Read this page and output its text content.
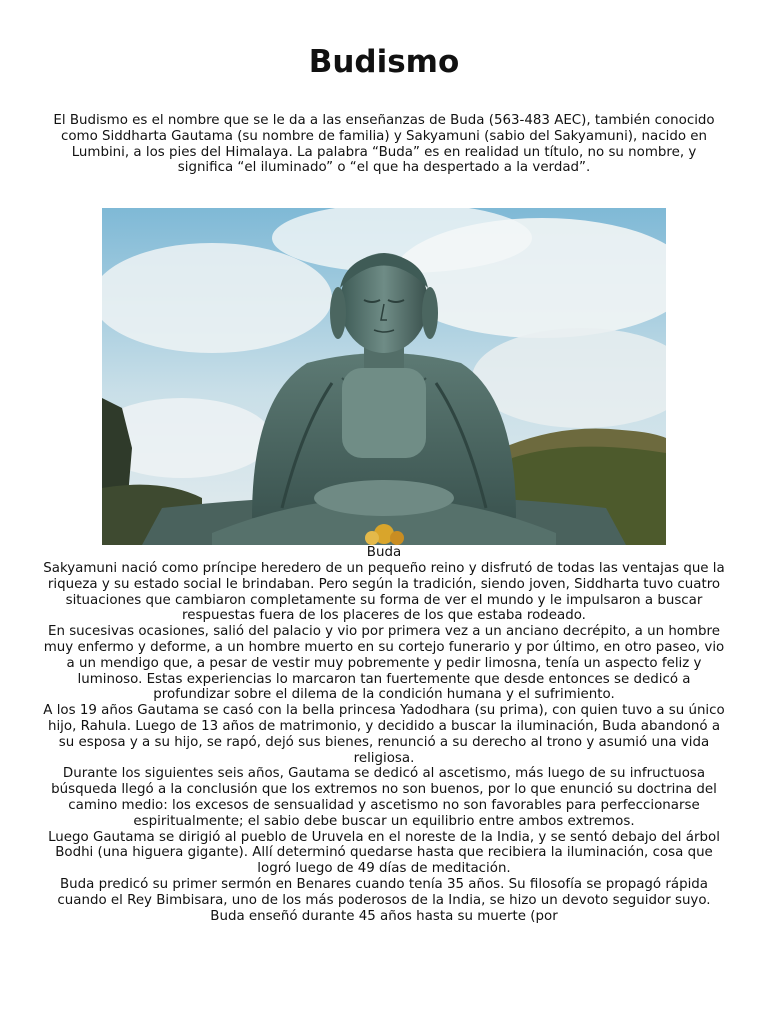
Budismo

El Budismo es el nombre que se le da a las enseñanzas de Buda (563-483 AEC), también conocido como Siddharta Gautama (su nombre de familia) y Sakyamuni (sabio del Sakyamuni), nacido en Lumbini, a los pies del Himalaya. La palabra “Buda” es en realidad un título, no su nombre, y significa “el iluminado” o “el que ha despertado a la verdad”.

Buda

Sakyamuni nació como príncipe heredero de un pequeño reino y disfrutó de todas las ventajas que la riqueza y su estado social le brindaban. Pero según la tradición, siendo joven, Siddharta tuvo cuatro situaciones que cambiaron completamente su forma de ver el mundo y le impulsaron a buscar respuestas fuera de los placeres de los que estaba rodeado.

En sucesivas ocasiones, salió del palacio y vio por primera vez a un anciano decrépito, a un hombre muy enfermo y deforme, a un hombre muerto en su cortejo funerario y por último, en otro paseo, vio a un mendigo que, a pesar de vestir muy pobremente y pedir limosna, tenía un aspecto feliz y luminoso. Estas experiencias lo marcaron tan fuertemente que desde entonces se dedicó a profundizar sobre el dilema de la condición humana y el sufrimiento.

A los 19 años Gautama se casó con la bella princesa Yadodhara (su prima), con quien tuvo a su único hijo, Rahula. Luego de 13 años de matrimonio, y decidido a buscar la iluminación, Buda abandonó a su esposa y a su hijo, se rapó, dejó sus bienes, renunció a su derecho al trono y asumió una vida religiosa.

Durante los siguientes seis años, Gautama se dedicó al ascetismo, más luego de su infructuosa búsqueda llegó a la conclusión que los extremos no son buenos, por lo que enunció su doctrina del camino medio: los excesos de sensualidad y ascetismo no son favorables para perfeccionarse espiritualmente; el sabio debe buscar un equilibrio entre ambos extremos.

Luego Gautama se dirigió al pueblo de Uruvela en el noreste de la India, y se sentó debajo del árbol Bodhi (una higuera gigante). Allí determinó quedarse hasta que recibiera la iluminación, cosa que logró luego de 49 días de meditación.

Buda predicó su primer sermón en Benares cuando tenía 35 años. Su filosofía se propagó rápida cuando el Rey Bimbisara, uno de los más poderosos de la India, se hizo un devoto seguidor suyo. Buda enseñó durante 45 años hasta su muerte (por
